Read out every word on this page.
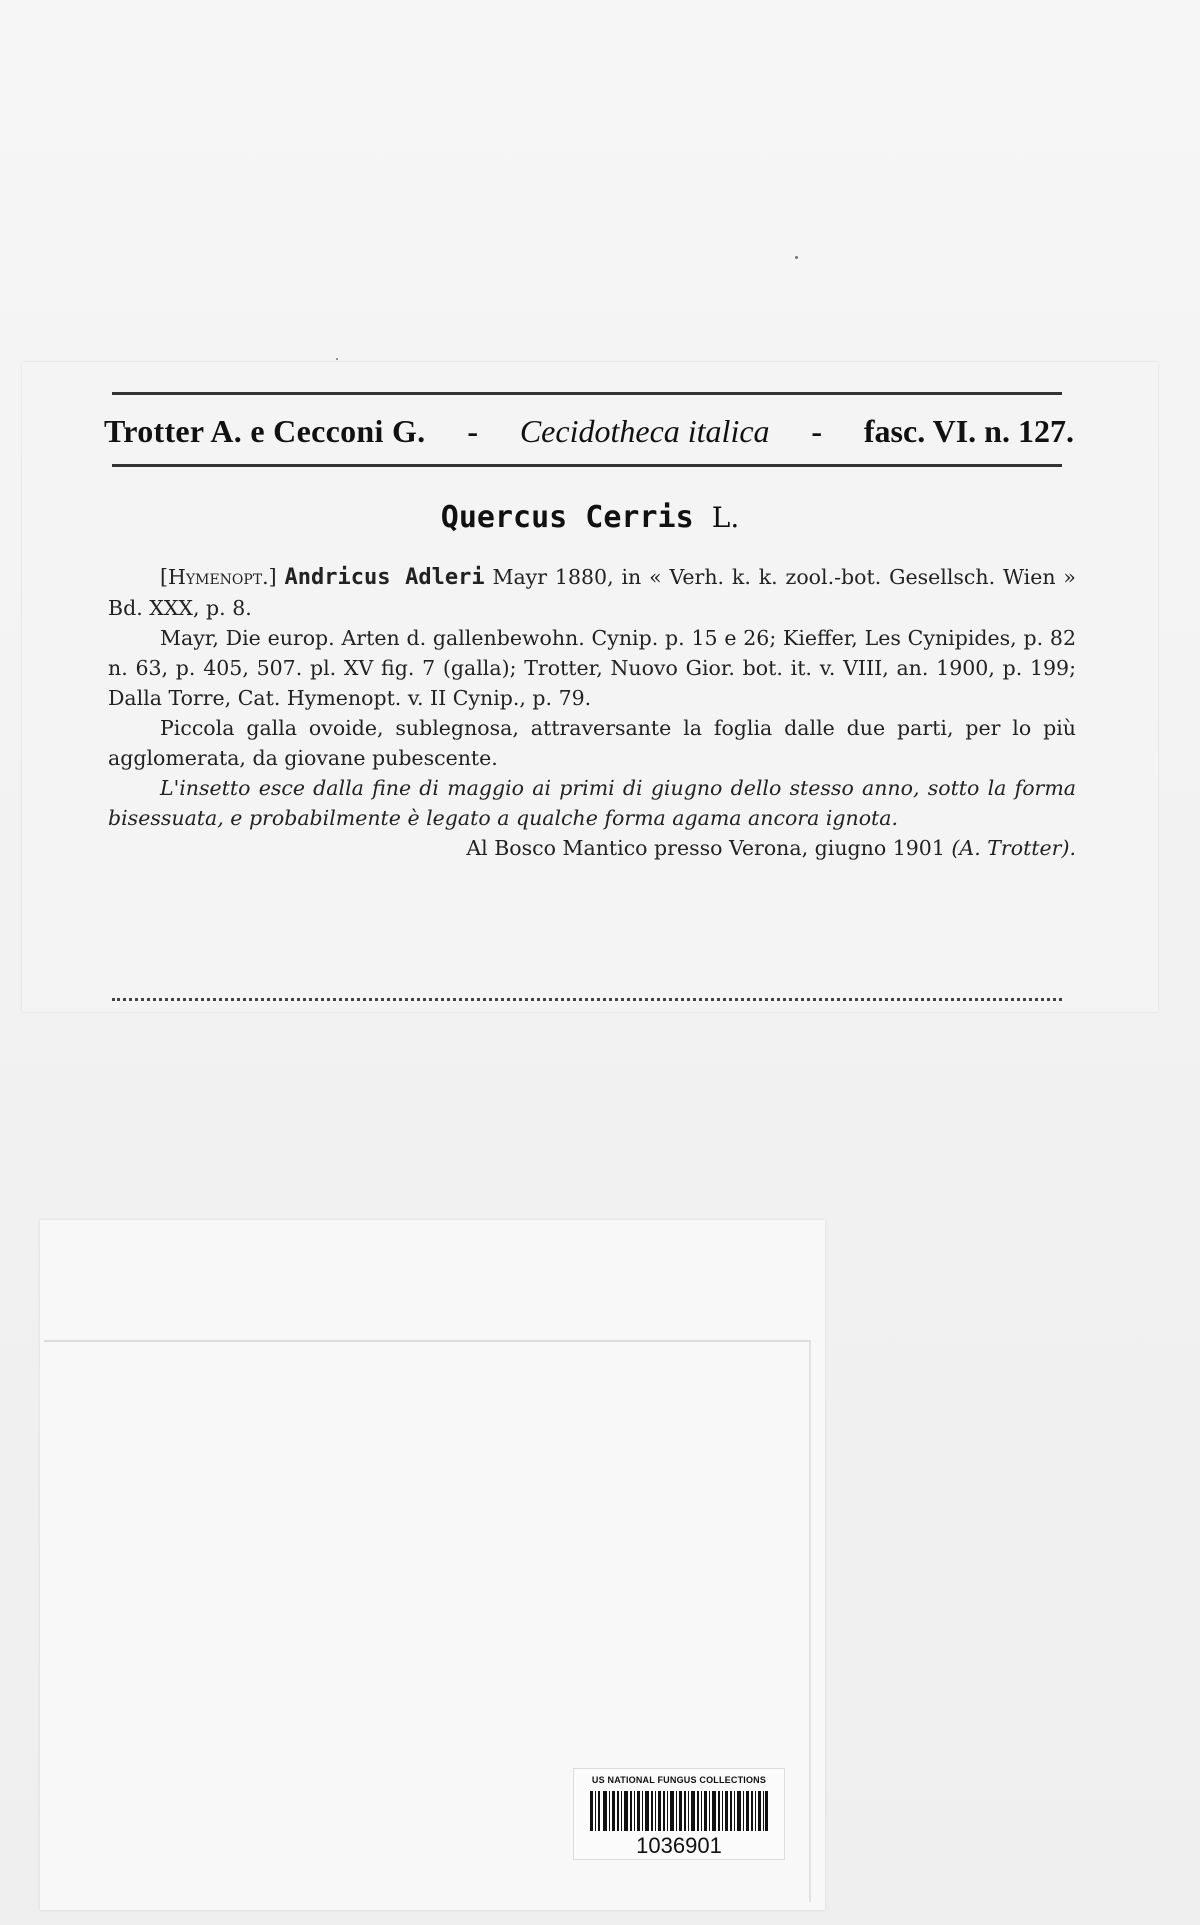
Trotter A. e Cecconi G. - Cecidotheca italica - fasc. VI. n. 127.
Quercus Cerris L.

[Hymenopt.] Andricus Adleri Mayr 1880, in « Verh. k. k. zool.-bot. Gesellsch. Wien » Bd. XXX, p. 8.

Mayr, Die europ. Arten d. gallenbewohn. Cynip. p. 15 e 26; Kieffer, Les Cynipides, p. 82 n. 63, p. 405, 507. pl. XV fig. 7 (galla); Trotter, Nuovo Gior. bot. it. v. VIII, an. 1900, p. 199; Dalla Torre, Cat. Hymenopt. v. II Cynip., p. 79.

Piccola galla ovoide, sublegnosa, attraversante la foglia dalle due parti, per lo più agglomerata, da giovane pubescente.

L'insetto esce dalla fine di maggio ai primi di giugno dello stesso anno, sotto la forma bisessuata, e probabilmente è legato a qualche forma agama ancora ignota.

Al Bosco Mantico presso Verona, giugno 1901 (A. Trotter).

US NATIONAL FUNGUS COLLECTIONS
1036901
